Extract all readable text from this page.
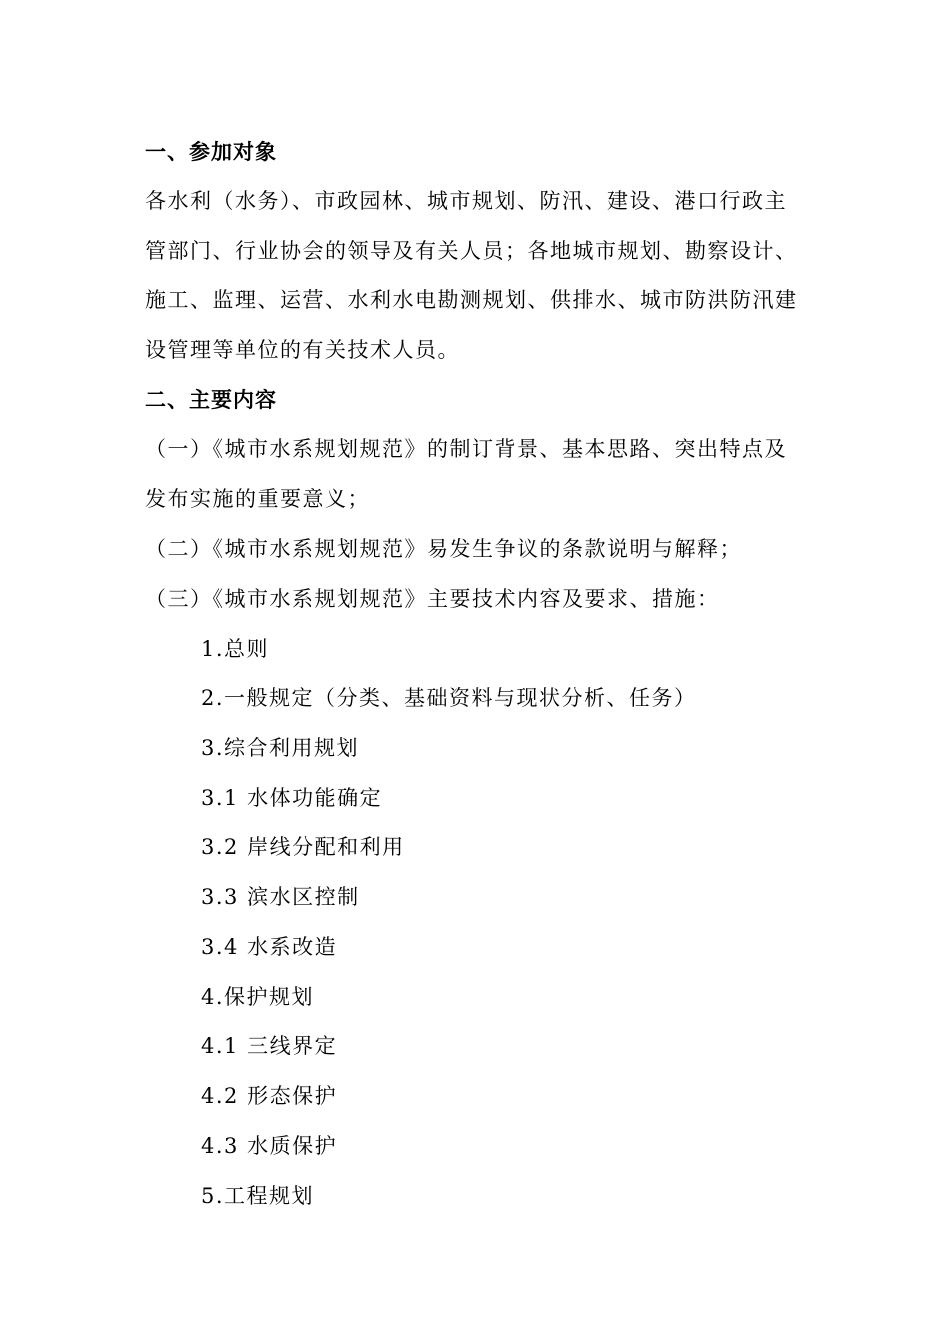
一、参加对象
各水利（水务）、市政园林、城市规划、防汛、建设、港口行政主
管部门、行业协会的领导及有关人员；各地城市规划、勘察设计、
施工、监理、运营、水利水电勘测规划、供排水、城市防洪防汛建
设管理等单位的有关技术人员。
二、主要内容
（一）《城市水系规划规范》的制订背景、基本思路、突出特点及
发布实施的重要意义；
（二）《城市水系规划规范》易发生争议的条款说明与解释；
（三）《城市水系规划规范》主要技术内容及要求、措施：
1.总则
2.一般规定（分类、基础资料与现状分析、任务）
3.综合利用规划
3.1 水体功能确定
3.2 岸线分配和利用
3.3 滨水区控制
3.4 水系改造
4.保护规划
4.1 三线界定
4.2 形态保护
4.3 水质保护
5.工程规划
